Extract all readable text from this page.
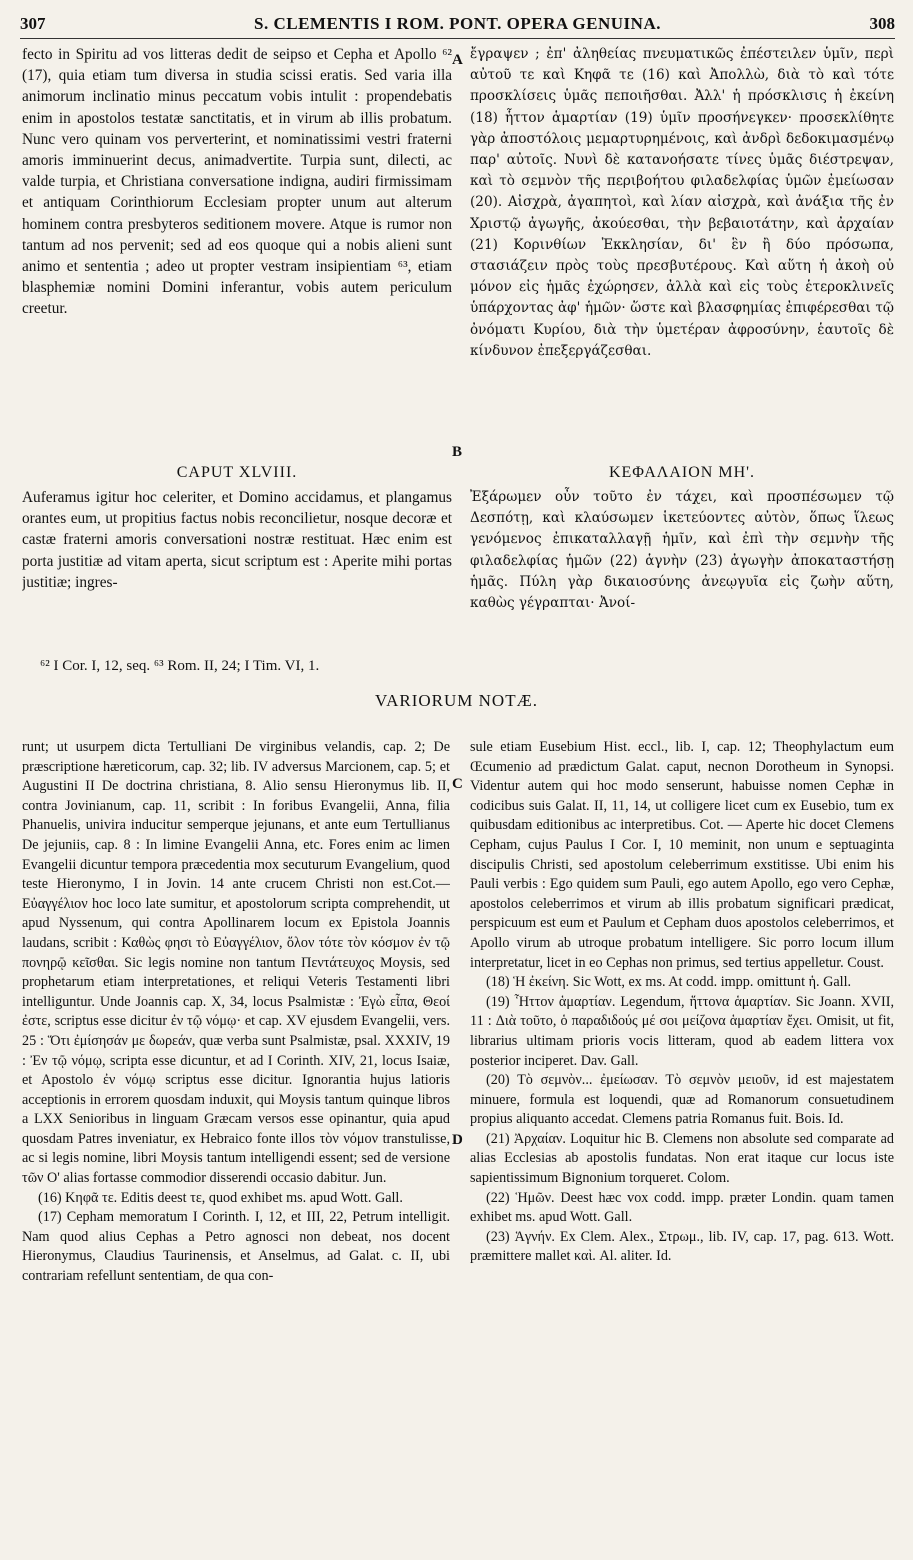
307	S. CLEMENTIS I ROM. PONT. OPERA GENUINA.	308

fecto in Spiritu ad vos litteras dedit de seipso et Cepha et Apollo ⁶² (17), quia etiam tum diversa in studia scissi eratis. Sed varia illa animorum inclinatio minus peccatum vobis intulit : propendebatis enim in apostolos testatæ sanctitatis, et in virum ab illis probatum. Nunc vero quinam vos perverterint, et nominatissimi vestri fraterni amoris imminuerint decus, animadvertite. Turpia sunt, dilecti, ac valde turpia, et Christiana conversatione indigna, audiri firmissimam et antiquam Corinthiorum Ecclesiam propter unum aut alterum hominem contra presbyteros seditionem movere. Atque is rumor non tantum ad nos pervenit; sed ad eos quoque qui a nobis alieni sunt animo et sententia ; adeo ut propter vestram insipientiam ⁶³, etiam blasphemiæ nomini Domini inferantur, vobis autem periculum creetur.

ἔγραψεν ; ἐπ' ἀληθείας πνευματικῶς ἐπέστειλεν ὑμῖν, περὶ αὐτοῦ τε καὶ Κηφᾶ τε (16) καὶ Ἀπολλὼ, διὰ τὸ καὶ τότε προσκλίσεις ὑμᾶς πεποιῆσθαι. Ἀλλ' ἡ πρόσκλισις ἡ ἐκείνη (18) ἧττον ἁμαρτίαν (19) ὑμῖν προσήνεγκεν· προσεκλίθητε γὰρ ἀποστόλοις μεμαρτυρημένοις, καὶ ἀνδρὶ δεδοκιμασμένῳ παρ' αὐτοῖς. Νυνὶ δὲ κατανοήσατε τίνες ὑμᾶς διέστρεψαν, καὶ τὸ σεμνὸν τῆς περιβοήτου φιλαδελφίας ὑμῶν ἐμείωσαν (20). Αἰσχρὰ, ἀγαπητοὶ, καὶ λίαν αἰσχρὰ, καὶ ἀνάξια τῆς ἐν Χριστῷ ἀγωγῆς, ἀκούεσθαι, τὴν βεβαιοτάτην, καὶ ἀρχαίαν (21) Κορινθίων Ἐκκλησίαν, δι' ἓν ἢ δύο πρόσωπα, στασιάζειν πρὸς τοὺς πρεσβυτέρους. Καὶ αὕτη ἡ ἀκοὴ οὐ μόνον εἰς ἡμᾶς ἐχώρησεν, ἀλλὰ καὶ εἰς τοὺς ἑτεροκλινεῖς ὑπάρχοντας ἀφ' ἡμῶν· ὥστε καὶ βλασφημίας ἐπιφέρεσθαι τῷ ὀνόματι Κυρίου, διὰ τὴν ὑμετέραν ἀφροσύνην, ἑαυτοῖς δὲ κίνδυνον ἐπεξεργάζεσθαι.

A
B
C
D
CAPUT XLVIII.	ΚΕΦΑΛΑΙΟΝ ΜΗ'.

Auferamus igitur hoc celeriter, et Domino accidamus, et plangamus orantes eum, ut propitius factus nobis reconcilietur, nosque decoræ et castæ fraterni amoris conversationi nostræ restituat. Hæc enim est porta justitiæ ad vitam aperta, sicut scriptum est : Aperite mihi portas justitiæ; ingres-

Ἐξάρωμεν οὖν τοῦτο ἐν τάχει, καὶ προσπέσωμεν τῷ Δεσπότῃ, καὶ κλαύσωμεν ἱκετεύοντες αὐτὸν, ὅπως ἵλεως γενόμενος ἐπικαταλλαγῇ ἡμῖν, καὶ ἐπὶ τὴν σεμνὴν τῆς φιλαδελφίας ἡμῶν (22) ἁγνὴν (23) ἀγωγὴν ἀποκαταστήσῃ ἡμᾶς. Πύλη γὰρ δικαιοσύνης ἀνεῳγυῖα εἰς ζωὴν αὕτη, καθὼς γέγραπται· Ἀνοί-

⁶² I Cor. I, 12, seq. ⁶³ Rom. II, 24; I Tim. VI, 1.
VARIORUM NOTÆ.

runt; ut usurpem dicta Tertulliani De virginibus velandis, cap. 2; De præscriptione hæreticorum, cap. 32; lib. IV adversus Marcionem, cap. 5; et Augustini II De doctrina christiana, 8. Alio sensu Hieronymus lib. II, contra Jovinianum, cap. 11, scribit : In foribus Evangelii, Anna, filia Phanuelis, univira inducitur semperque jejunans, et ante eum Tertullianus De jejuniis, cap. 8 : In limine Evangelii Anna, etc. Fores enim ac limen Evangelii dicuntur tempora præcedentia mox secuturum Evangelium, quod teste Hieronymo, I in Jovin. 14 ante crucem Christi non est.Cot.— Εὐαγγέλιον hoc loco late sumitur, et apostolorum scripta comprehendit, ut apud Nyssenum, qui contra Apollinarem locum ex Epistola Joannis laudans, scribit : Καθὼς φησι τὸ Εὐαγγέλιον, ὅλον τότε τὸν κόσμον ἐν τῷ πονηρῷ κεῖσθαι. Sic legis nomine non tantum Πεντάτευχος Moysis, sed prophetarum etiam interpretationes, et reliqui Veteris Testamenti libri intelliguntur. Unde Joannis cap. X, 34, locus Psalmistæ : Ἐγὼ εἶπα, Θεοί ἐστε, scriptus esse dicitur ἐν τῷ νόμῳ· et cap. XV ejusdem Evangelii, vers. 25 : Ὅτι ἐμίσησάν με δωρεάν, quæ verba sunt Psalmistæ, psal. XXXIV, 19 : Ἐν τῷ νόμῳ, scripta esse dicuntur, et ad I Corinth. XIV, 21, locus Isaiæ, et Apostolo ἐν νόμῳ scriptus esse dicitur. Ignorantia hujus latioris acceptionis in errorem quosdam induxit, qui Moysis tantum quinque libros a LXX Senioribus in linguam Græcam versos esse opinantur, quia apud quosdam Patres inveniatur, ex Hebraico fonte illos τὸν νόμον transtulisse, ac si legis nomine, libri Moysis tantum intelligendi essent; sed de versione τῶν Ο' alias fortasse commodior disserendi occasio dabitur. Jun.

(16) Κηφᾶ τε. Editis deest τε, quod exhibet ms. apud Wott. Gall.

(17) Cepham memoratum I Corinth. I, 12, et III, 22, Petrum intelligit. Nam quod alius Cephas a Petro agnosci non debeat, nos docent Hieronymus, Claudius Taurinensis, et Anselmus, ad Galat. c. II, ubi contrariam refellunt sententiam, de qua con-

sule etiam Eusebium Hist. eccl., lib. I, cap. 12; Theophylactum eum Œcumenio ad prædictum Galat. caput, necnon Dorotheum in Synopsi. Videntur autem qui hoc modo senserunt, habuisse nomen Cephæ in codicibus suis Galat. II, 11, 14, ut colligere licet cum ex Eusebio, tum ex quibusdam editionibus ac interpretibus. Cot. — Aperte hic docet Clemens Cepham, cujus Paulus I Cor. I, 10 meminit, non unum e septuaginta discipulis Christi, sed apostolum celeberrimum exstitisse. Ubi enim his Pauli verbis : Ego quidem sum Pauli, ego autem Apollo, ego vero Cephæ, apostolos celeberrimos et virum ab illis probatum significari prædicat, perspicuum est eum et Paulum et Cepham duos apostolos celeberrimos, et Apollo virum ab utroque probatum intelligere. Sic porro locum illum interpretatur, licet in eo Cephas non primus, sed tertius appelletur. Coust.

(18) Ἡ ἐκείνη. Sic Wott, ex ms. At codd. impp. omittunt ἡ. Gall.

(19) Ἧττον ἁμαρτίαν. Legendum, ἥττονα ἁμαρτίαν. Sic Joann. XVII, 11 : Διὰ τοῦτο, ὁ παραδιδούς μέ σοι μείζονα ἁμαρτίαν ἔχει. Omisit, ut fit, librarius ultimam prioris vocis litteram, quod ab eadem littera vox posterior inciperet. Dav. Gall.

(20) Τὸ σεμνὸν... ἐμείωσαν. Τὸ σεμνὸν μειοῦν, id est majestatem minuere, formula est loquendi, quæ ad Romanorum consuetudinem propius aliquanto accedat. Clemens patria Romanus fuit. Bois. Id.

(21) Ἀρχαίαν. Loquitur hic B. Clemens non absolute sed comparate ad alias Ecclesias ab apostolis fundatas. Non erat itaque cur locus iste sapientissimum Bignonium torqueret. Colom.

(22) Ἡμῶν. Deest hæc vox codd. impp. præter Londin. quam tamen exhibet ms. apud Wott. Gall.

(23) Ἁγνήν. Ex Clem. Alex., Στρωμ., lib. IV, cap. 17, pag. 613. Wott. præmittere mallet καὶ. Al. aliter. Id.
